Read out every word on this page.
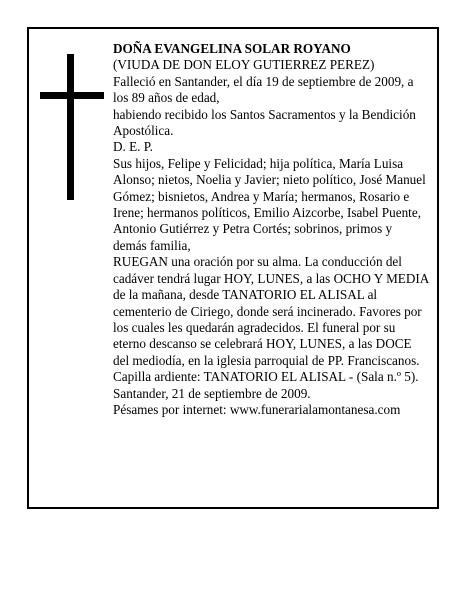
DOÑA EVANGELINA SOLAR ROYANO
(VIUDA DE DON ELOY GUTIERREZ PEREZ)
Falleció en Santander, el día 19 de septiembre de 2009, a los 89 años de edad,
habiendo recibido los Santos Sacramentos y la Bendición Apostólica.
D. E. P.
Sus hijos, Felipe y Felicidad; hija política, María Luisa Alonso; nietos, Noelia y Javier; nieto político, José Manuel Gómez; bisnietos, Andrea y María; hermanos, Rosario e Irene; hermanos políticos, Emilio Aizcorbe, Isabel Puente, Antonio Gutiérrez y Petra Cortés; sobrinos, primos y demás familia,
RUEGAN una oración por su alma. La conducción del cadáver tendrá lugar HOY, LUNES, a las OCHO Y MEDIA de la mañana, desde TANATORIO EL ALISAL al cementerio de Ciriego, donde será incinerado. Favores por los cuales les quedarán agradecidos. El funeral por su eterno descanso se celebrará HOY, LUNES, a las DOCE del mediodía, en la iglesia parroquial de PP. Franciscanos.
Capilla ardiente: TANATORIO EL ALISAL - (Sala n.º 5).
Santander, 21 de septiembre de 2009.
Pésames por internet: www.funerarialamontanesa.com
